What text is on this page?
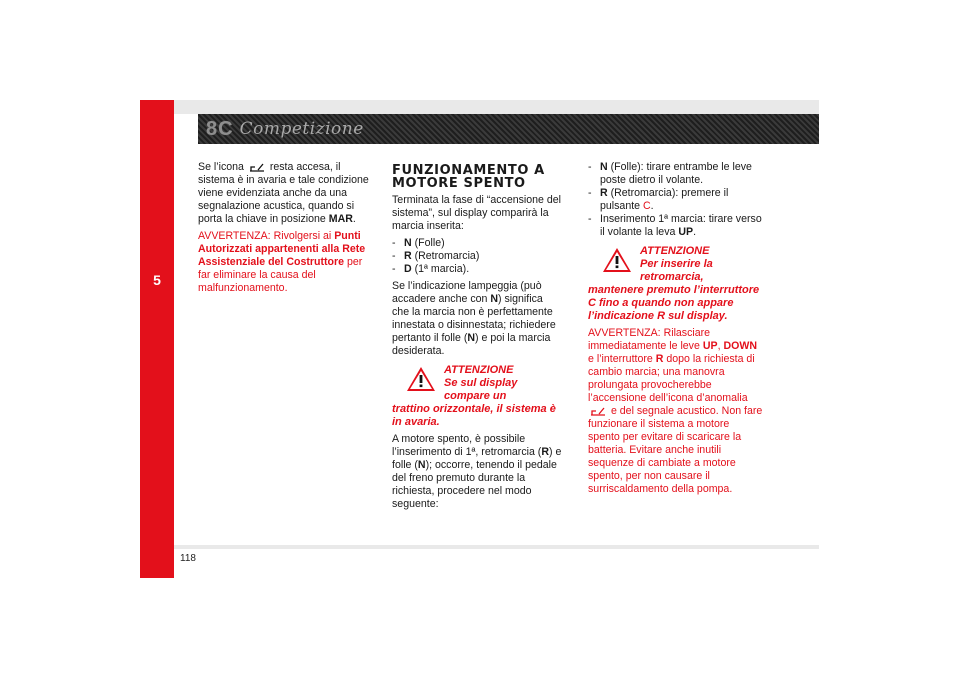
5
8C Competizione

Se l’icona resta accesa, il sistema è in avaria e tale condizione viene evidenziata anche da una segnalazione acustica, quando si porta la chiave in posizione MAR.

AVVERTENZA: Rivolgersi ai Punti Autorizzati appartenenti alla Rete Assistenziale del Costruttore per far eliminare la causa del malfunzionamento.

FUNZIONAMENTO A MOTORE SPENTO

Terminata la fase di “accensione del sistema”, sul display comparirà la marcia inserita:

- N (Folle)
- R (Retromarcia)
- D (1ª marcia).

Se l’indicazione lampeggia (può accadere anche con N) significa che la marcia non è perfettamente innestata o disinnestata; richiedere pertanto il folle (N) e poi la marcia desiderata.

ATTENZIONE
Se sul display compare un
trattino orizzontale, il sistema è in avaria.

A motore spento, è possibile l’inserimento di 1ª, retromarcia (R) e folle (N); occorre, tenendo il pedale del freno premuto durante la richiesta, procedere nel modo seguente:

- N (Folle): tirare entrambe le leve poste dietro il volante.
- R (Retromarcia): premere il pulsante C.
- Inserimento 1ª marcia: tirare verso il volante la leva UP.
ATTENZIONE
Per inserire la retromarcia,
mantenere premuto l’interruttore C fino a quando non appare l’indicazione R sul display.

AVVERTENZA: Rilasciare immediatamente le leve UP, DOWN e l’interruttore R dopo la richiesta di cambio marcia; una manovra prolungata provocherebbe l’accensione dell’icona d’anomalia  e del segnale acustico. Non fare funzionare il sistema a motore spento per evitare di scaricare la batteria. Evitare anche inutili sequenze di cambiate a motore spento, per non causare il surriscaldamento della pompa.

118
